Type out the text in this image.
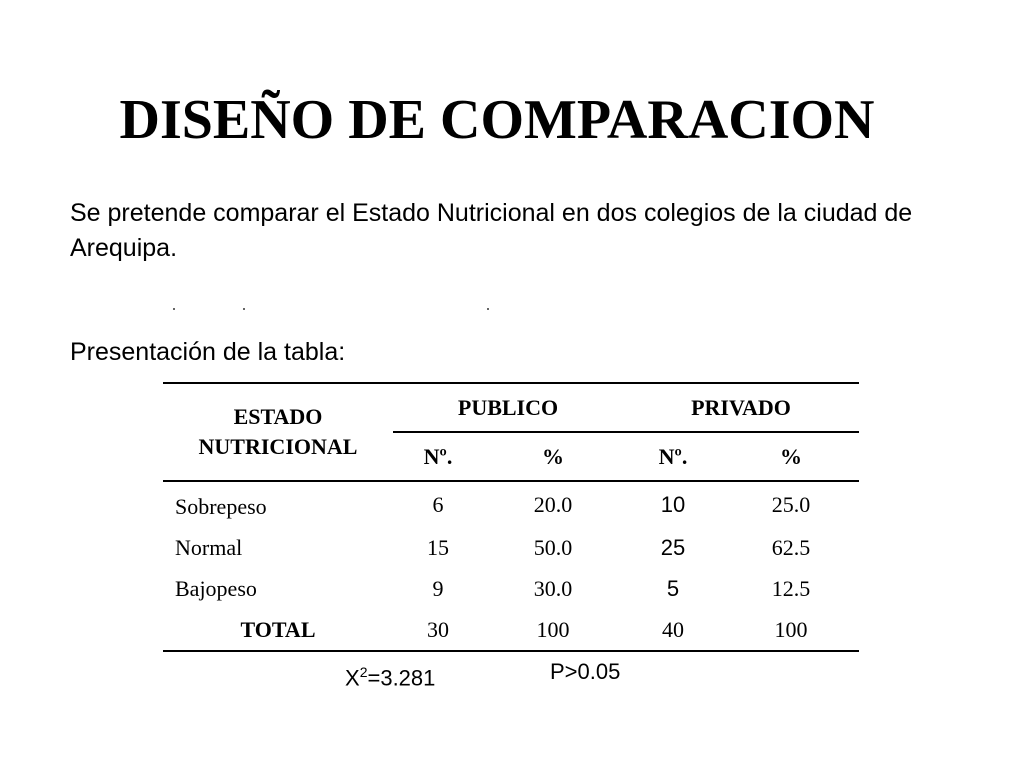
DISEÑO DE COMPARACION
Se pretende comparar el Estado Nutricional en dos colegios de la ciudad de Arequipa.
Presentación de la tabla:
ESTADO NUTRICIONAL	PUBLICO		PRIVADO	
	Nº.	%	Nº.	%
Sobrepeso	6	20.0	10	25.0
Normal	15	50.0	25	62.5
Bajopeso	9	30.0	5	12.5
TOTAL	30	100	40	100
$X^2=3.281$	P>0.05
